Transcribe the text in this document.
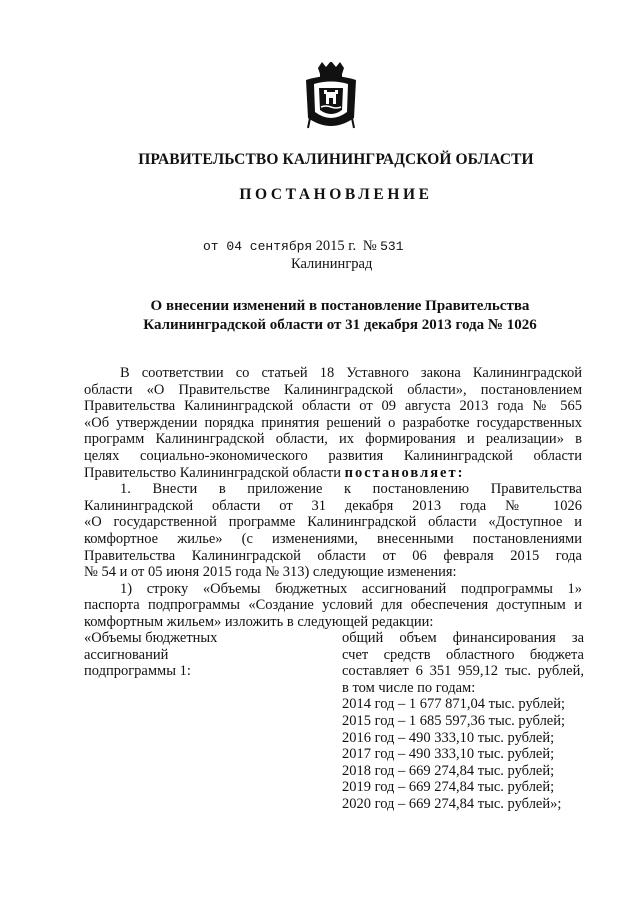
ПРАВИТЕЛЬСТВО КАЛИНИНГРАДСКОЙ ОБЛАСТИ
ПОСТАНОВЛЕНИЕ
от 04 сентября 2015 г. № 531
Калининград
О внесении изменений в постановление Правительства
Калининградской области от 31 декабря 2013 года № 1026
В соответствии со статьей 18 Уставного закона Калининградской
области «О Правительстве Калининградской области», постановлением
Правительства Калининградской области от 09 августа 2013 года № 565
«Об утверждении порядка принятия решений о разработке государственных
программ Калининградской области, их формирования и реализации» в
целях социально-экономического развития Калининградской области
Правительство Калининградской области постановляет:
1. Внести в приложение к постановлению Правительства
Калининградской области от 31 декабря 2013 года № 1026
«О государственной программе Калининградской области «Доступное и
комфортное жилье» (с изменениями, внесенными постановлениями
Правительства Калининградской области от 06 февраля 2015 года
№ 54 и от 05 июня 2015 года № 313) следующие изменения:
1) строку «Объемы бюджетных ассигнований подпрограммы 1»
паспорта подпрограммы «Создание условий для обеспечения доступным и
комфортным жильем» изложить в следующей редакции:
«Объемы бюджетных
ассигнований
подпрограммы 1:
общий объем финансирования за
счет средств областного бюджета
составляет 6 351 959,12 тыс. рублей,
в том числе по годам:
2014 год – 1 677 871,04 тыс. рублей;
2015 год – 1 685 597,36 тыс. рублей;
2016 год – 490 333,10 тыс. рублей;
2017 год – 490 333,10 тыс. рублей;
2018 год – 669 274,84 тыс. рублей;
2019 год – 669 274,84 тыс. рублей;
2020 год – 669 274,84 тыс. рублей»;
